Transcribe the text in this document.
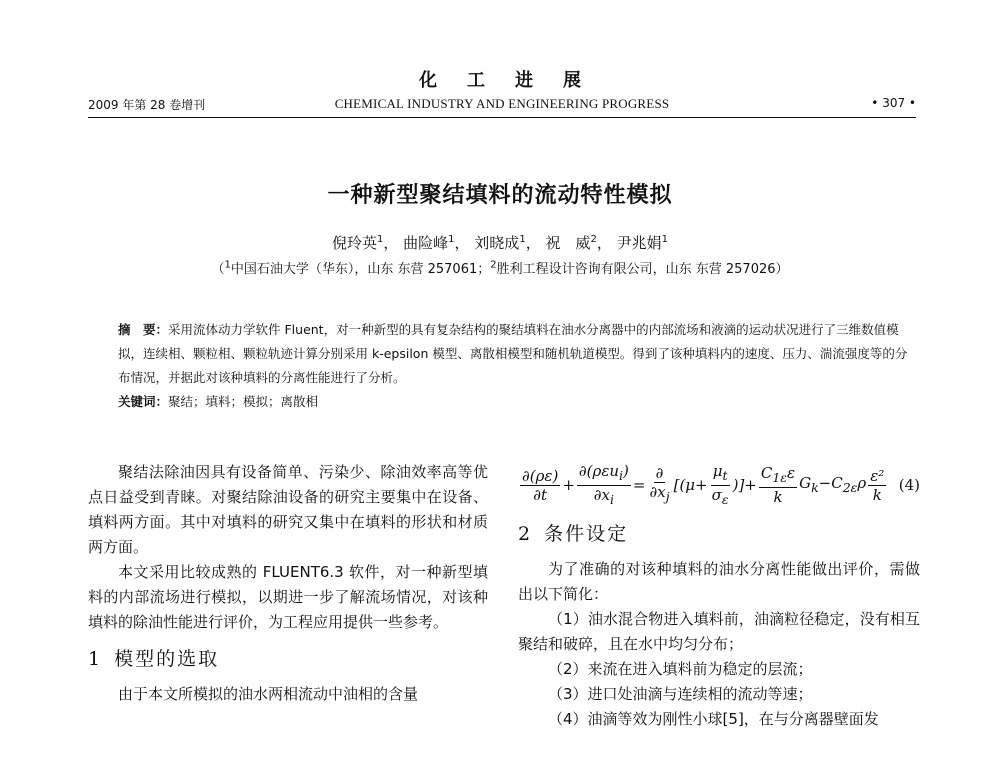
化工进展
2009 年第 28 卷增刊	CHEMICAL INDUSTRY AND ENGINEERING PROGRESS	• 307 •
一种新型聚结填料的流动特性模拟
倪玲英$^1$， 曲险峰$^1$， 刘晓成$^1$， 祝　威$^2$， 尹兆娟$^1$
（$^1$中国石油大学（华东），山东 东营 257061；$^2$胜利工程设计咨询有限公司，山东 东营 257026）
摘　要：采用流体动力学软件 Fluent，对一种新型的具有复杂结构的聚结填料在油水分离器中的内部流场和液滴的运动状况进行了三维数值模拟，连续相、颗粒相、颗粒轨迹计算分别采用 k-epsilon 模型、离散相模型和随机轨道模型。得到了该种填料内的速度、压力、湍流强度等的分布情况，并据此对该种填料的分离性能进行了分析。
关键词：聚结；填料；模拟；离散相

聚结法除油因具有设备简单、污染少、除油效率高等优点日益受到青睐。对聚结除油设备的研究主要集中在设备、填料两方面。其中对填料的研究又集中在填料的形状和材质两方面。

本文采用比较成熟的 FLUENT6.3 软件，对一种新型填料的内部流场进行模拟，以期进一步了解流场情况，对该种填料的除油性能进行评价，为工程应用提供一些参考。

1 模型的选取

由于本文所模拟的油水两相流动中油相的含量

$\frac{\partial(\rho\varepsilon)}{\partial t} + \frac{\partial(\rho\varepsilon u_i)}{\partial x_i} = \frac{\partial}{\partial x_j} [(\mu+ \frac{\mu_t}{\sigma_\varepsilon}$ )]+ $\frac{C_{1\varepsilon}\varepsilon}{k} G_k-C_{2\varepsilon}\rho \frac{\text{ε²}}{k} (4)$
2 条件设定

为了准确的对该种填料的油水分离性能做出评价，需做出以下简化：

（1）油水混合物进入填料前，油滴粒径稳定，没有相互聚结和破碎，且在水中均匀分布；

（2）来流在进入填料前为稳定的层流；

（3）进口处油滴与连续相的流动等速；

（4）油滴等效为刚性小球[5]，在与分离器壁面发
